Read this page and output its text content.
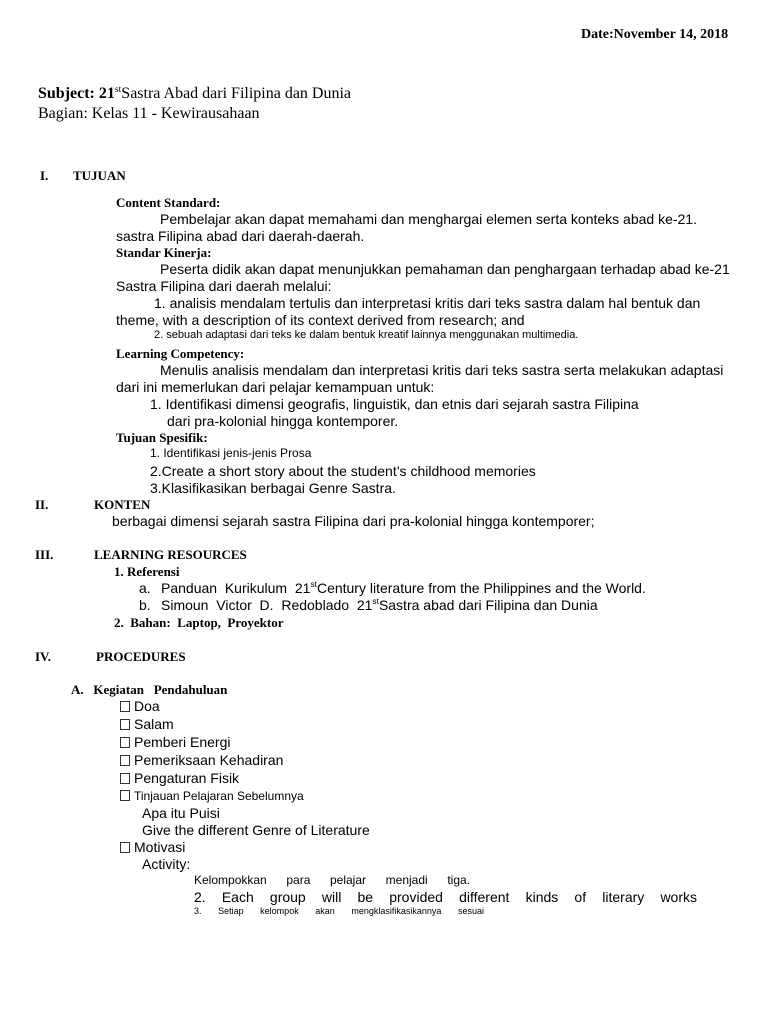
Date:November 14, 2018
Subject: 21stSastra Abad dari Filipina dan Dunia
Bagian: Kelas 11 - Kewirausahaan
I. TUJUAN
Content Standard:
Pembelajar akan dapat memahami dan menghargai elemen serta konteks abad ke-21.
sastra Filipina abad dari daerah-daerah.
Standar Kinerja:
Peserta didik akan dapat menunjukkan pemahaman dan penghargaan terhadap abad ke-21
Sastra Filipina dari daerah melalui:
1. analisis mendalam tertulis dan interpretasi kritis dari teks sastra dalam hal bentuk dan
theme, with a description of its context derived from research; and
2. sebuah adaptasi dari teks ke dalam bentuk kreatif lainnya menggunakan multimedia.
Learning Competency:
Menulis analisis mendalam dan interpretasi kritis dari teks sastra serta melakukan adaptasi
dari ini memerlukan dari pelajar kemampuan untuk:
1. Identifikasi dimensi geografis, linguistik, dan etnis dari sejarah sastra Filipina
dari pra-kolonial hingga kontemporer.
Tujuan Spesifik:
1. Identifikasi jenis-jenis Prosa
2.Create a short story about the student’s childhood memories
3.Klasifikasikan berbagai Genre Sastra.
II.	KONTEN
berbagai dimensi sejarah sastra Filipina dari pra-kolonial hingga kontemporer;
III.	LEARNING RESOURCES
1. Referensi
a. Panduan  Kurikulum  21stCentury literature from the Philippines and the World.
b. Simoun  Victor  D.  Redoblado  21stSastra abad dari Filipina dan Dunia
2.  Bahan:  Laptop,  Proyektor
IV.	PROCEDURES
A.   Kegiatan   Pendahuluan
Doa
Salam
Pemberi Energi
Pemeriksaan Kehadiran
Pengaturan Fisik
Tinjauan Pelajaran Sebelumnya
Apa itu Puisi
Give the different Genre of Literature
Motivasi
Activity:
Kelompokkan para pelajar menjadi tiga.
2. Each group will be provided different kinds of literary works
3. Setiap kelompok akan mengklasifikasikannya sesuai
